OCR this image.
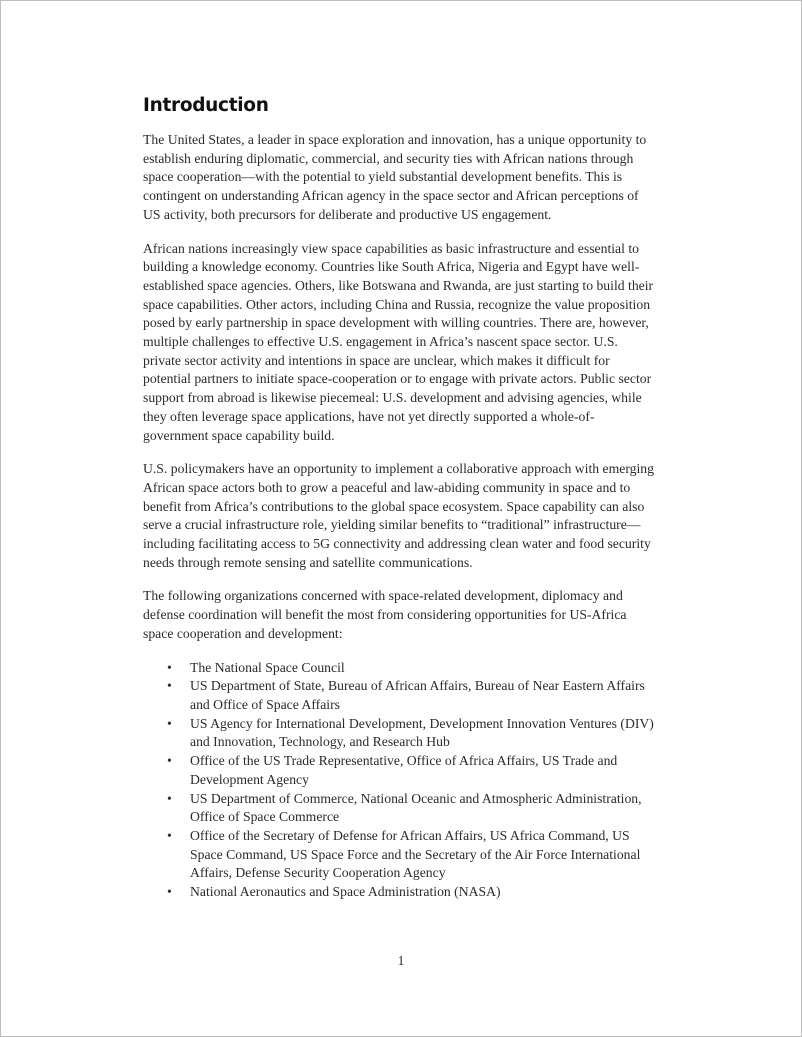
Introduction

The United States, a leader in space exploration and innovation, has a unique opportunity to establish enduring diplomatic, commercial, and security ties with African nations through space cooperation—with the potential to yield substantial development benefits. This is contingent on understanding African agency in the space sector and African perceptions of US activity, both precursors for deliberate and productive US engagement.

African nations increasingly view space capabilities as basic infrastructure and essential to building a knowledge economy. Countries like South Africa, Nigeria and Egypt have well-established space agencies. Others, like Botswana and Rwanda, are just starting to build their space capabilities. Other actors, including China and Russia, recognize the value proposition posed by early partnership in space development with willing countries. There are, however, multiple challenges to effective U.S. engagement in Africa’s nascent space sector. U.S. private sector activity and intentions in space are unclear, which makes it difficult for potential partners to initiate space-cooperation or to engage with private actors. Public sector support from abroad is likewise piecemeal: U.S. development and advising agencies, while they often leverage space applications, have not yet directly supported a whole-of-government space capability build.

U.S. policymakers have an opportunity to implement a collaborative approach with emerging African space actors both to grow a peaceful and law-abiding community in space and to benefit from Africa’s contributions to the global space ecosystem. Space capability can also serve a crucial infrastructure role, yielding similar benefits to “traditional” infrastructure—including facilitating access to 5G connectivity and addressing clean water and food security needs through remote sensing and satellite communications.

The following organizations concerned with space-related development, diplomacy and defense coordination will benefit the most from considering opportunities for US-Africa space cooperation and development:

• The National Space Council
• US Department of State, Bureau of African Affairs, Bureau of Near Eastern Affairs and Office of Space Affairs
• US Agency for International Development, Development Innovation Ventures (DIV) and Innovation, Technology, and Research Hub
• Office of the US Trade Representative, Office of Africa Affairs, US Trade and Development Agency
• US Department of Commerce, National Oceanic and Atmospheric Administration, Office of Space Commerce
• Office of the Secretary of Defense for African Affairs, US Africa Command, US Space Command, US Space Force and the Secretary of the Air Force International Affairs, Defense Security Cooperation Agency
• National Aeronautics and Space Administration (NASA)
1
